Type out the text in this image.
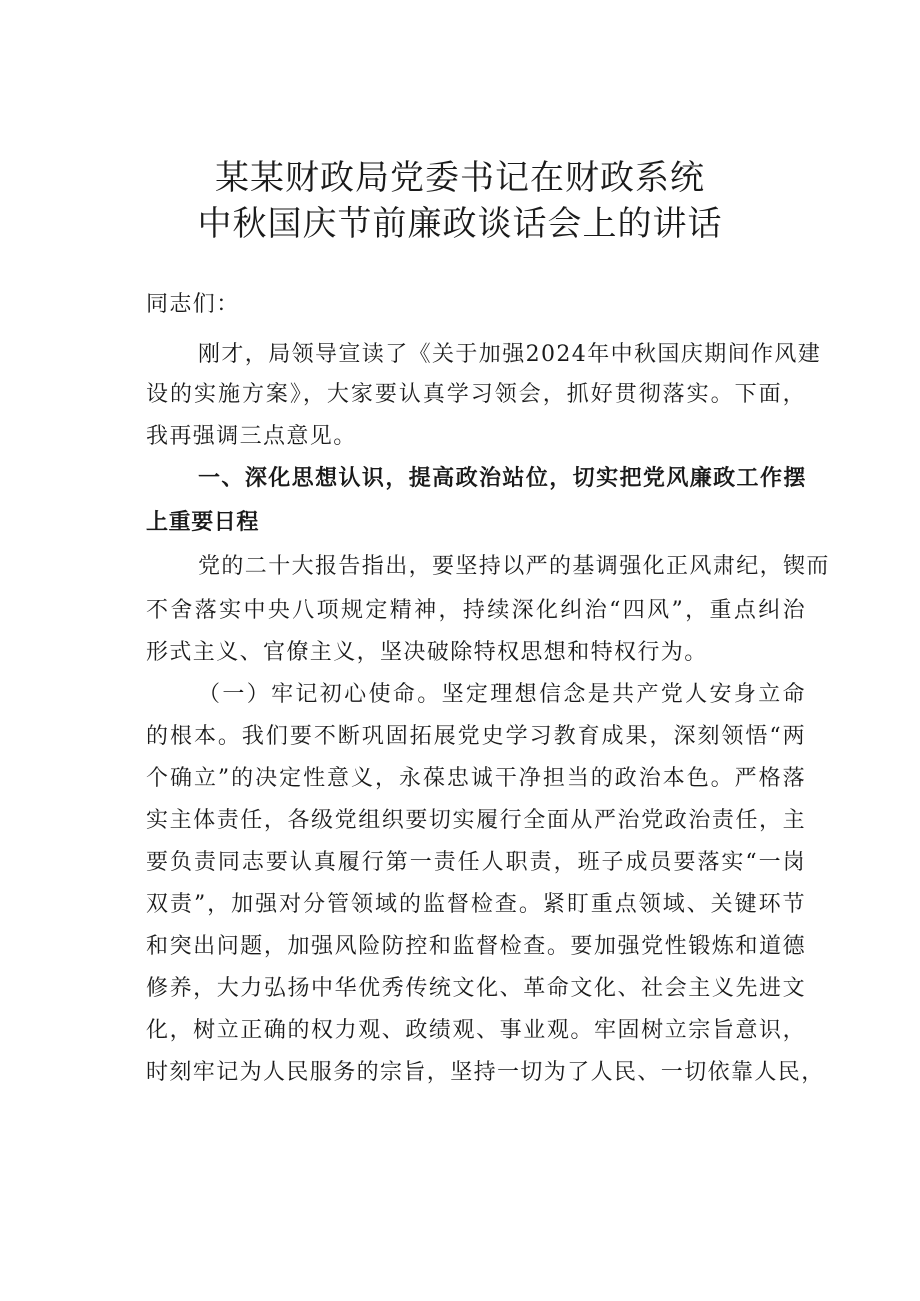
某某财政局党委书记在财政系统
中秋国庆节前廉政谈话会上的讲话
同志们：
刚才，局领导宣读了《关于加强2024年中秋国庆期间作风建
设的实施方案》，大家要认真学习领会，抓好贯彻落实。下面，
我再强调三点意见。
一、深化思想认识，提高政治站位，切实把党风廉政工作摆
上重要日程
党的二十大报告指出，要坚持以严的基调强化正风肃纪，锲而
不舍落实中央八项规定精神，持续深化纠治“四风”，重点纠治
形式主义、官僚主义，坚决破除特权思想和特权行为。
（一）牢记初心使命。坚定理想信念是共产党人安身立命
的根本。我们要不断巩固拓展党史学习教育成果，深刻领悟“两
个确立”的决定性意义，永葆忠诚干净担当的政治本色。严格落
实主体责任，各级党组织要切实履行全面从严治党政治责任，主
要负责同志要认真履行第一责任人职责，班子成员要落实“一岗
双责”，加强对分管领域的监督检查。紧盯重点领域、关键环节
和突出问题，加强风险防控和监督检查。要加强党性锻炼和道德
修养，大力弘扬中华优秀传统文化、革命文化、社会主义先进文
化，树立正确的权力观、政绩观、事业观。牢固树立宗旨意识，
时刻牢记为人民服务的宗旨，坚持一切为了人民、一切依靠人民，
